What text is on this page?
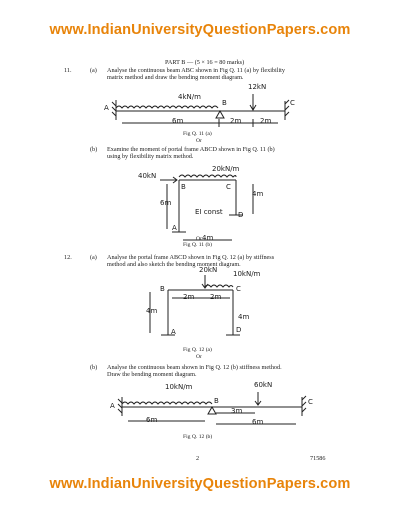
www.IndianUniversityQuestionPapers.com
www.IndianUniversityQuestionPapers.com
PART B — (5 × 16 = 80 marks)
11.	(a) Analyse the continuous beam ABC shown in Fig Q. 11 (a) by flexibility
matrix method and draw the bending moment diagram.
4kN/m
12kN
A
B	C
6m	2m	2m
Fig Q. 11 (a)
Or
(b) Examine the moment of portal frame ABCD shown in Fig Q. 11 (b)
using by flexibility matrix method.
40kN
20kN/m
B	C
D
A
6m
4m
EI const
4m
Fig Q. 11 (b)
Or
12.	(a) Analyse the portal frame ABCD shown in Fig Q. 12 (a) by stiffness
method and also sketch the bending moment diagram.
20kN 10kN/m
B	C
A	D
2m 2m
4m
4m
Fig Q. 12 (a)
Or
(b) Analyse the continuous beam shown in Fig Q. 12 (b) stiffness method.
Draw the bending moment diagram.
10kN/m	60kN
A
B	C
6m
3m
6m
Fig Q. 12 (b)
2	71586
